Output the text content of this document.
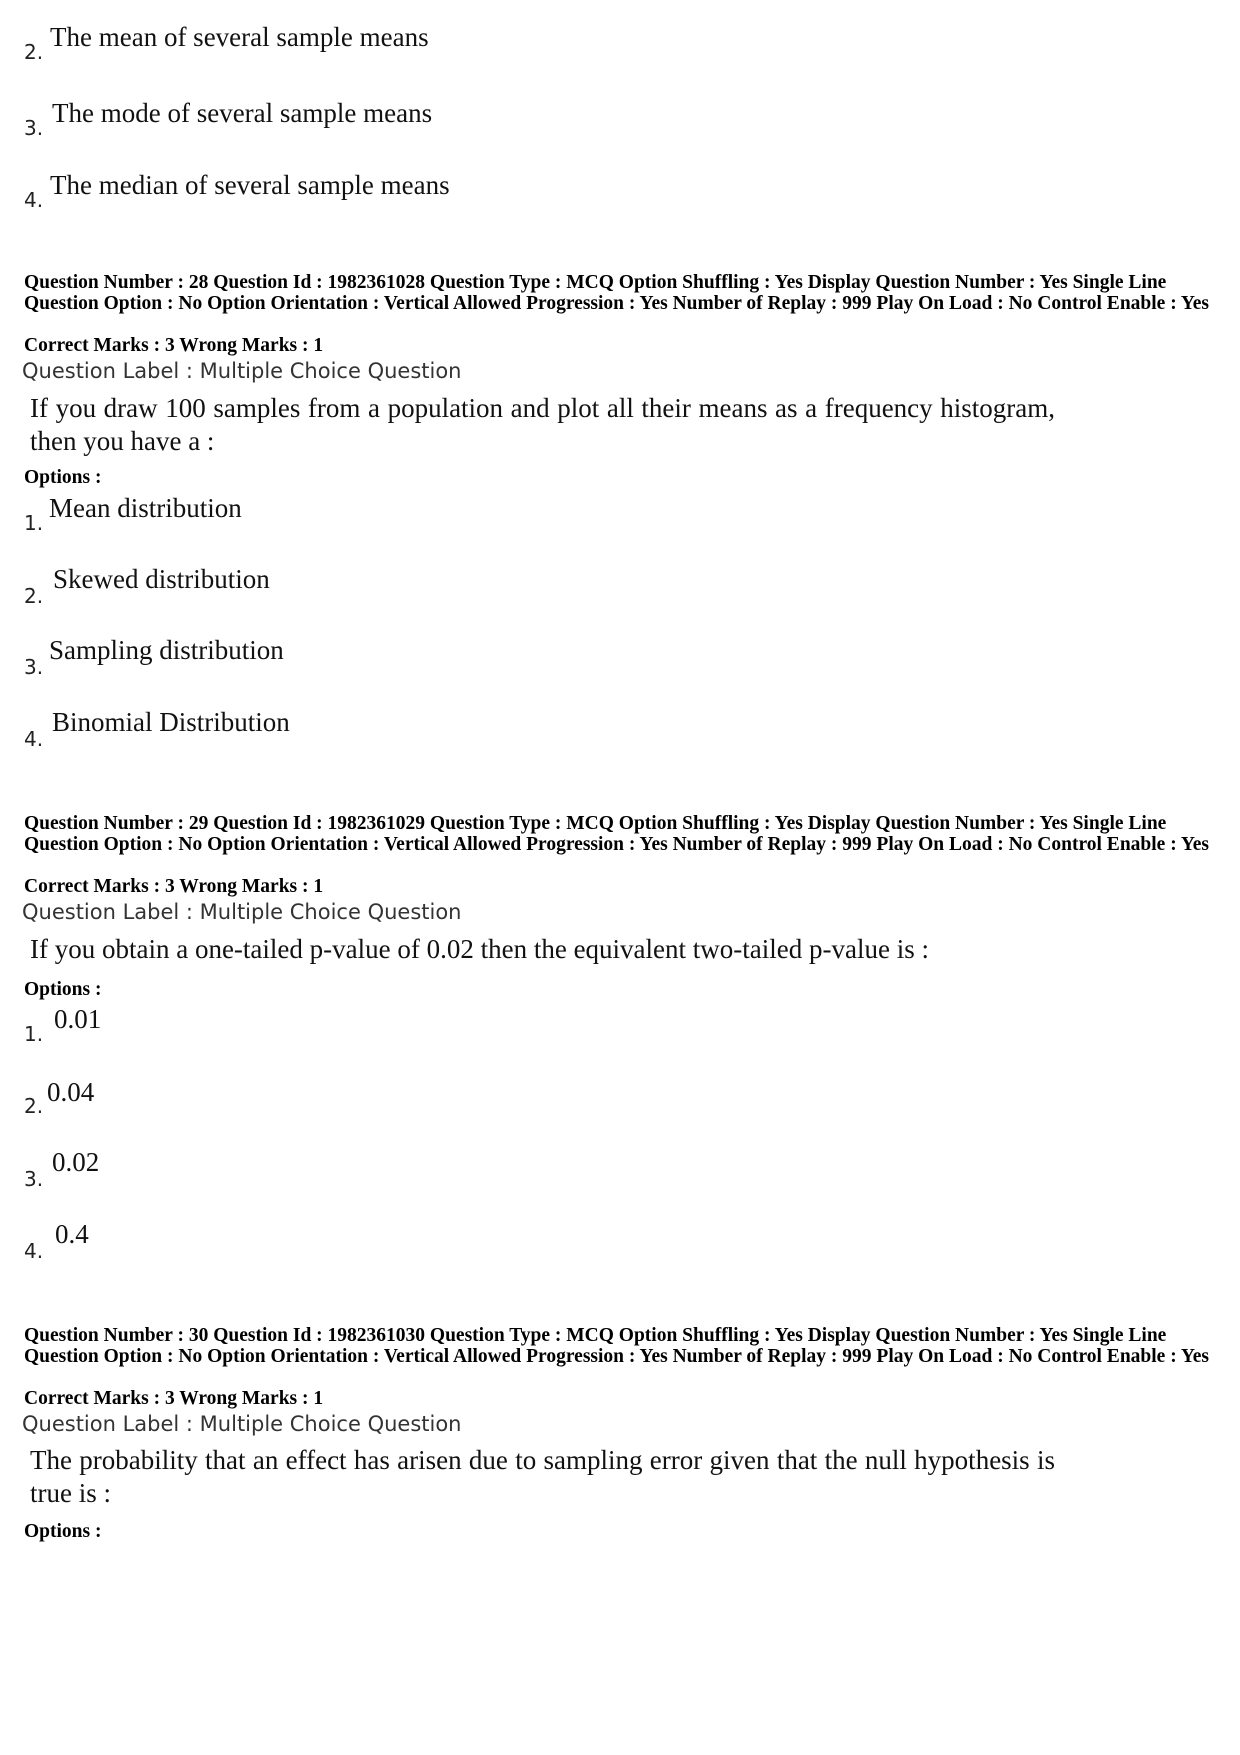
2. The mean of several sample means
3. The mode of several sample means
4. The median of several sample means
Question Number : 28 Question Id : 1982361028 Question Type : MCQ Option Shuffling : Yes Display Question Number : Yes Single Line Question Option : No Option Orientation : Vertical Allowed Progression : Yes Number of Replay : 999 Play On Load : No Control Enable : Yes
Correct Marks : 3 Wrong Marks : 1
Question Label : Multiple Choice Question
If you draw 100 samples from a population and plot all their means as a frequency histogram, then you have a :
Options :
1. Mean distribution
2.
Skewed distribution
3.
Sampling distribution
4.
Binomial Distribution
Question Number : 29 Question Id : 1982361029 Question Type : MCQ Option Shuffling : Yes Display Question Number : Yes Single Line Question Option : No Option Orientation : Vertical Allowed Progression : Yes Number of Replay : 999 Play On Load : No Control Enable : Yes
Correct Marks : 3 Wrong Marks : 1
Question Label : Multiple Choice Question
If you obtain a one-tailed p-value of 0.02 then the equivalent two-tailed p-value is :
Options :
1. 0.01
2. 0.04
3.
0.02
4.
0.4
Question Number : 30 Question Id : 1982361030 Question Type : MCQ Option Shuffling : Yes Display Question Number : Yes Single Line Question Option : No Option Orientation : Vertical Allowed Progression : Yes Number of Replay : 999 Play On Load : No Control Enable : Yes
Correct Marks : 3 Wrong Marks : 1
Question Label : Multiple Choice Question
The probability that an effect has arisen due to sampling error given that the null hypothesis is true is :
Options :
